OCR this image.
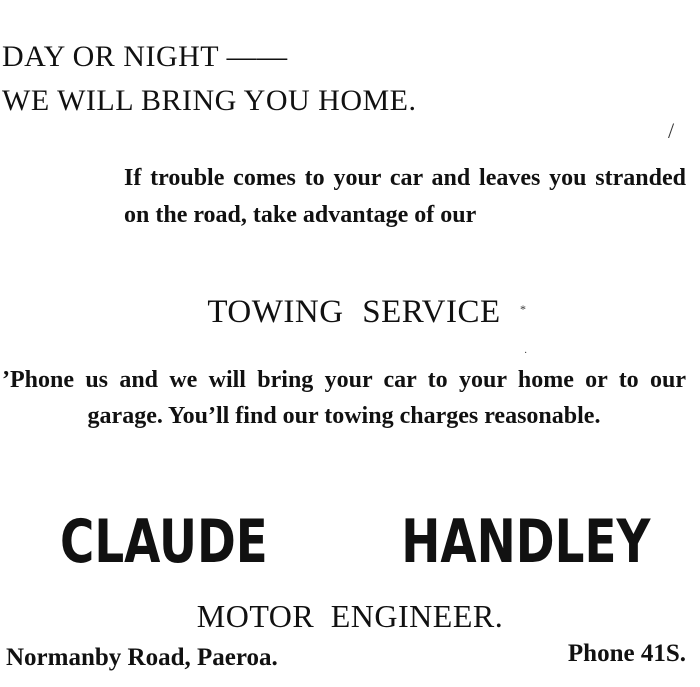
DAY OR NIGHT ——
WE WILL BRING YOU HOME.
If trouble comes to your car and leaves you stranded on the road, take advantage of our
TOWING SERVICE
’Phone us and we will bring your car to your home or to our garage. You’ll find our towing charges reasonable.
CLAUDE HANDLEY
MOTOR ENGINEER.
Normanby Road, Paeroa.	Phone 41S.
/
*
·
